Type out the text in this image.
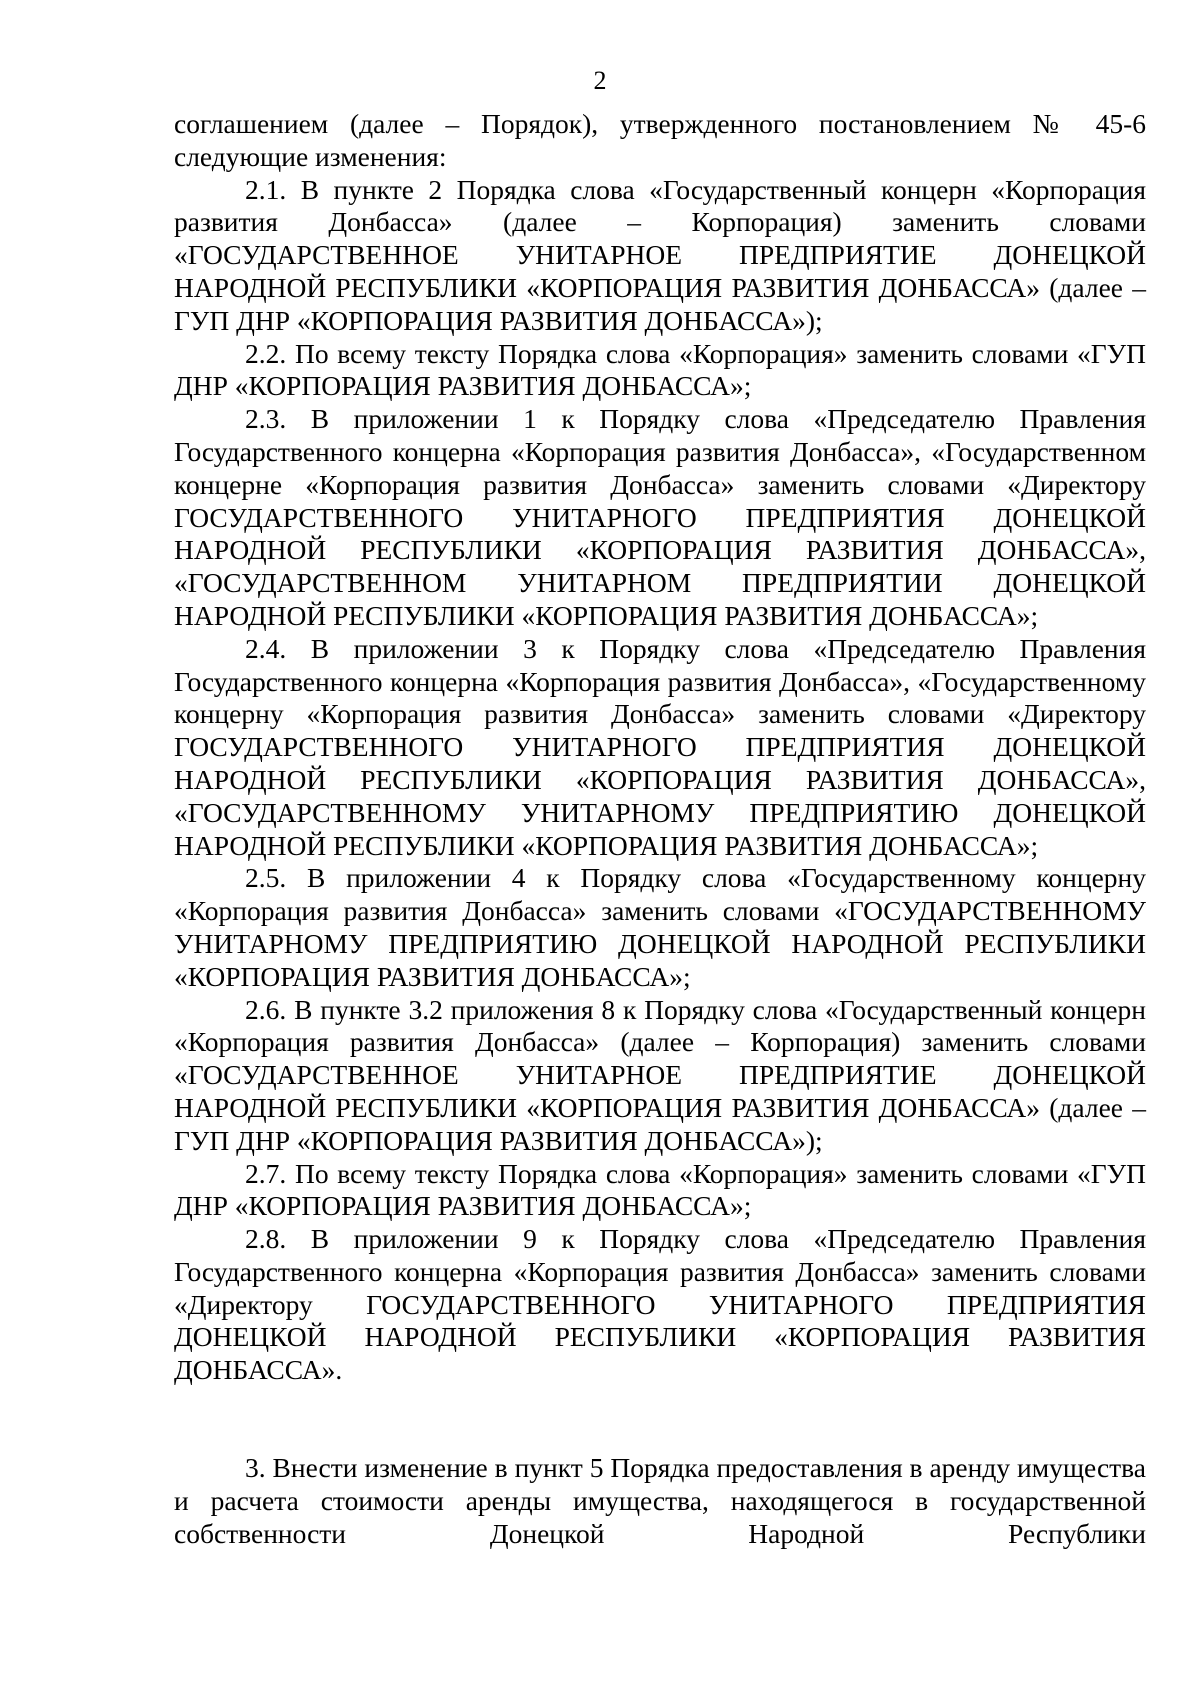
2

соглашением (далее – Порядок), утвержденного постановлением № 45-6 следующие изменения:

2.1. В пункте 2 Порядка слова «Государственный концерн «Корпорация развития Донбасса» (далее – Корпорация) заменить словами «ГОСУДАРСТВЕННОЕ УНИТАРНОЕ ПРЕДПРИЯТИЕ ДОНЕЦКОЙ НАРОДНОЙ РЕСПУБЛИКИ «КОРПОРАЦИЯ РАЗВИТИЯ ДОНБАССА» (далее – ГУП ДНР «КОРПОРАЦИЯ РАЗВИТИЯ ДОНБАССА»);

2.2. По всему тексту Порядка слова «Корпорация» заменить словами «ГУП ДНР «КОРПОРАЦИЯ РАЗВИТИЯ ДОНБАССА»;

2.3. В приложении 1 к Порядку слова «Председателю Правления Государственного концерна «Корпорация развития Донбасса», «Государственном концерне «Корпорация развития Донбасса» заменить словами «Директору ГОСУДАРСТВЕННОГО УНИТАРНОГО ПРЕДПРИЯТИЯ ДОНЕЦКОЙ НАРОДНОЙ РЕСПУБЛИКИ «КОРПОРАЦИЯ РАЗВИТИЯ ДОНБАССА», «ГОСУДАРСТВЕННОМ УНИТАРНОМ ПРЕДПРИЯТИИ ДОНЕЦКОЙ НАРОДНОЙ РЕСПУБЛИКИ «КОРПОРАЦИЯ РАЗВИТИЯ ДОНБАССА»;

2.4. В приложении 3 к Порядку слова «Председателю Правления Государственного концерна «Корпорация развития Донбасса», «Государственному концерну «Корпорация развития Донбасса» заменить словами «Директору ГОСУДАРСТВЕННОГО УНИТАРНОГО ПРЕДПРИЯТИЯ ДОНЕЦКОЙ НАРОДНОЙ РЕСПУБЛИКИ «КОРПОРАЦИЯ РАЗВИТИЯ ДОНБАССА», «ГОСУДАРСТВЕННОМУ УНИТАРНОМУ ПРЕДПРИЯТИЮ ДОНЕЦКОЙ НАРОДНОЙ РЕСПУБЛИКИ «КОРПОРАЦИЯ РАЗВИТИЯ ДОНБАССА»;

2.5. В приложении 4 к Порядку слова «Государственному концерну «Корпорация развития Донбасса» заменить словами «ГОСУДАРСТВЕННОМУ УНИТАРНОМУ ПРЕДПРИЯТИЮ ДОНЕЦКОЙ НАРОДНОЙ РЕСПУБЛИКИ «КОРПОРАЦИЯ РАЗВИТИЯ ДОНБАССА»;

2.6. В пункте 3.2 приложения 8 к Порядку слова «Государственный концерн «Корпорация развития Донбасса» (далее – Корпорация) заменить словами «ГОСУДАРСТВЕННОЕ УНИТАРНОЕ ПРЕДПРИЯТИЕ ДОНЕЦКОЙ НАРОДНОЙ РЕСПУБЛИКИ «КОРПОРАЦИЯ РАЗВИТИЯ ДОНБАССА» (далее – ГУП ДНР «КОРПОРАЦИЯ РАЗВИТИЯ ДОНБАССА»);

2.7. По всему тексту Порядка слова «Корпорация» заменить словами «ГУП ДНР «КОРПОРАЦИЯ РАЗВИТИЯ ДОНБАССА»;

2.8. В приложении 9 к Порядку слова «Председателю Правления Государственного концерна «Корпорация развития Донбасса» заменить словами «Директору ГОСУДАРСТВЕННОГО УНИТАРНОГО ПРЕДПРИЯТИЯ ДОНЕЦКОЙ НАРОДНОЙ РЕСПУБЛИКИ «КОРПОРАЦИЯ РАЗВИТИЯ ДОНБАССА».

3. Внести изменение в пункт 5 Порядка предоставления в аренду имущества и расчета стоимости аренды имущества, находящегося в государственной собственности Донецкой Народной Республики
